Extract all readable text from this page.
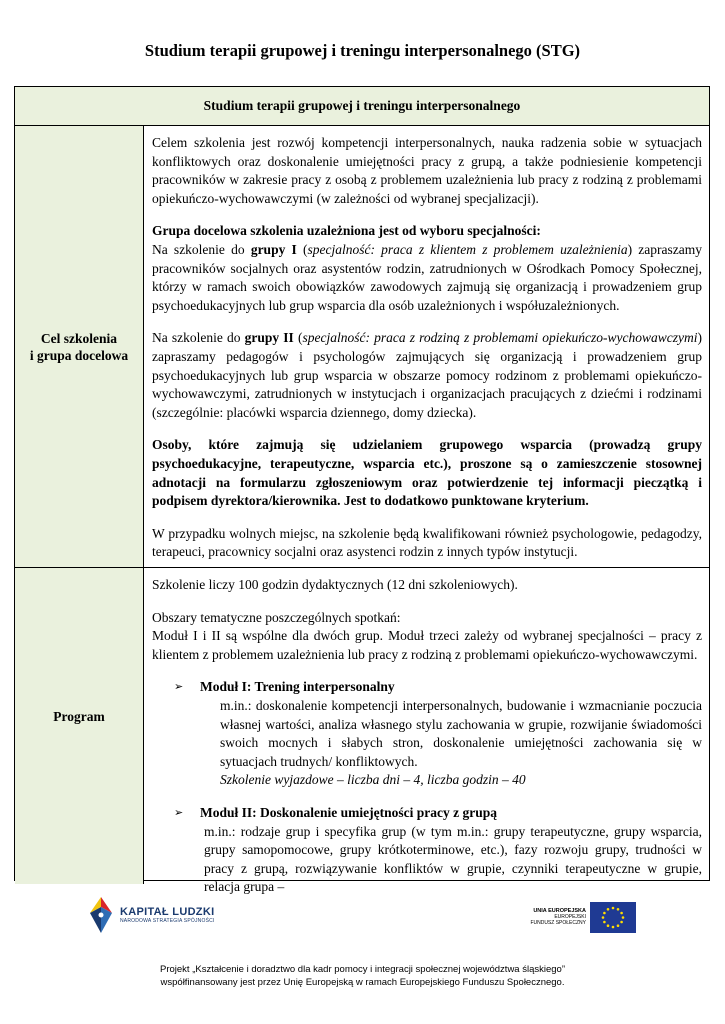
Studium terapii grupowej i treningu interpersonalnego (STG)
Studium terapii grupowej i treningu interpersonalnego
Cel szkolenia
i grupa docelowa

Celem szkolenia jest rozwój kompetencji interpersonalnych, nauka radzenia sobie w sytuacjach konfliktowych oraz doskonalenie umiejętności pracy z grupą, a także podniesienie kompetencji pracowników w zakresie pracy z osobą z problemem uzależnienia lub pracy z rodziną z problemami opiekuńczo-wychowawczymi (w zależności od wybranej specjalizacji).

Grupa docelowa szkolenia uzależniona jest od wyboru specjalności:

Na szkolenie do grupy I (specjalność: praca z klientem z problemem uzależnienia) zapraszamy pracowników socjalnych oraz asystentów rodzin, zatrudnionych w Ośrodkach Pomocy Społecznej, którzy w ramach swoich obowiązków zawodowych zajmują się organizacją i prowadzeniem grup psychoedukacyjnych lub grup wsparcia dla osób uzależnionych i współuzależnionych.

Na szkolenie do grupy II (specjalność: praca z rodziną z problemami opiekuńczo-wychowawczymi) zapraszamy pedagogów i psychologów zajmujących się organizacją i prowadzeniem grup psychoedukacyjnych lub grup wsparcia w obszarze pomocy rodzinom z problemami opiekuńczo-wychowawczymi, zatrudnionych w instytucjach i organizacjach pracujących z dziećmi i rodzinami (szczególnie: placówki wsparcia dziennego, domy dziecka).

Osoby, które zajmują się udzielaniem grupowego wsparcia (prowadzą grupy psychoedukacyjne, terapeutyczne, wsparcia etc.), proszone są o zamieszczenie stosownej adnotacji na formularzu zgłoszeniowym oraz potwierdzenie tej informacji pieczątką i podpisem dyrektora/kierownika. Jest to dodatkowo punktowane kryterium.

W przypadku wolnych miejsc, na szkolenie będą kwalifikowani również psychologowie, pedagodzy, terapeuci, pracownicy socjalni oraz asystenci rodzin z innych typów instytucji.

Program

Szkolenie liczy 100 godzin dydaktycznych (12 dni szkoleniowych).

Obszary tematyczne poszczególnych spotkań:

Moduł I i II są wspólne dla dwóch grup. Moduł trzeci zależy od wybranej specjalności – pracy z klientem z problemem uzależnienia lub pracy z rodziną z problemami opiekuńczo-wychowawczymi.

➢	Moduł I: Trening interpersonalny
m.in.: doskonalenie kompetencji interpersonalnych, budowanie i wzmacnianie poczucia własnej wartości, analiza własnego stylu zachowania w grupie, rozwijanie świadomości swoich mocnych i słabych stron, doskonalenie umiejętności zachowania się w sytuacjach trudnych/ konfliktowych.
Szkolenie wyjazdowe – liczba dni – 4, liczba godzin – 40
➢	Moduł II: Doskonalenie umiejętności pracy z grupą
m.in.: rodzaje grup i specyfika grup (w tym m.in.: grupy terapeutyczne, grupy wsparcia, grupy samopomocowe, grupy krótkoterminowe, etc.), fazy rozwoju grupy, trudności w pracy z grupą, rozwiązywanie konfliktów w grupie, czynniki terapeutyczne w grupie, relacja grupa –
KAPITAŁ LUDZKI
NARODOWA STRATEGIA SPÓJNOŚCI
UNIA EUROPEJSKA
EUROPEJSKI
FUNDUSZ SPOŁECZNY
Projekt „Kształcenie i doradztwo dla kadr pomocy i integracji społecznej województwa śląskiego”
współfinansowany jest przez Unię Europejską w ramach Europejskiego Funduszu Społecznego.
